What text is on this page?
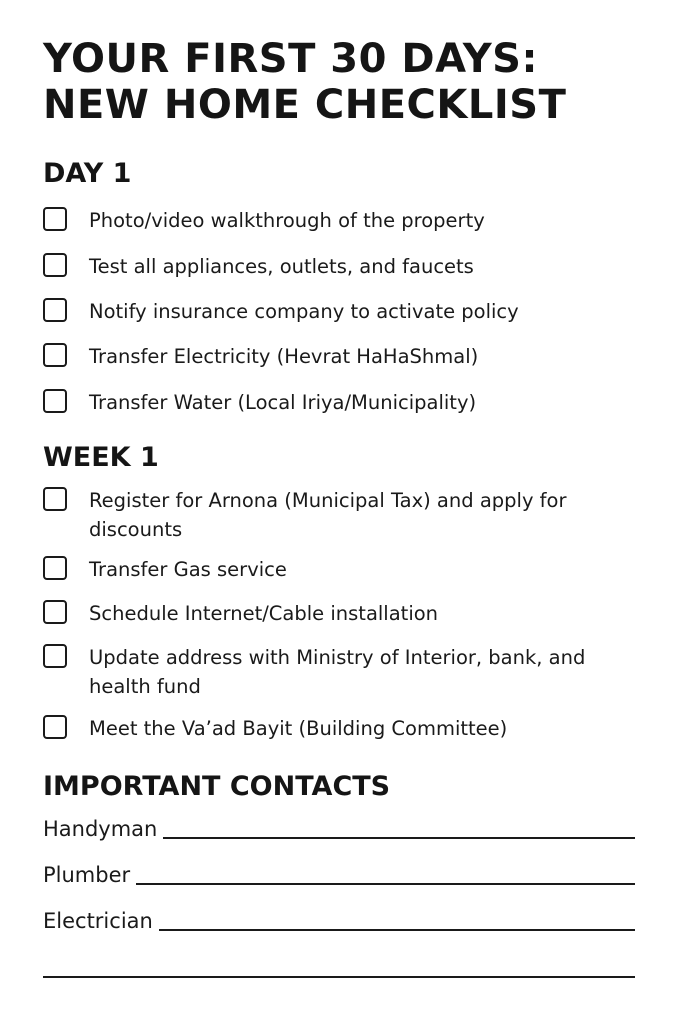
YOUR FIRST 30 DAYS:
NEW HOME CHECKLIST
DAY 1
Photo/video walkthrough of the property
Test all appliances, outlets, and faucets
Notify insurance company to activate policy
Transfer Electricity (Hevrat HaHaShmal)
Transfer Water (Local Iriya/Municipality)
WEEK 1
Register for Arnona (Municipal Tax) and apply for discounts
Transfer Gas service
Schedule Internet/Cable installation
Update address with Ministry of Interior, bank, and health fund
Meet the Va’ad Bayit (Building Committee)
IMPORTANT CONTACTS
Handyman
Plumber
Electrician
